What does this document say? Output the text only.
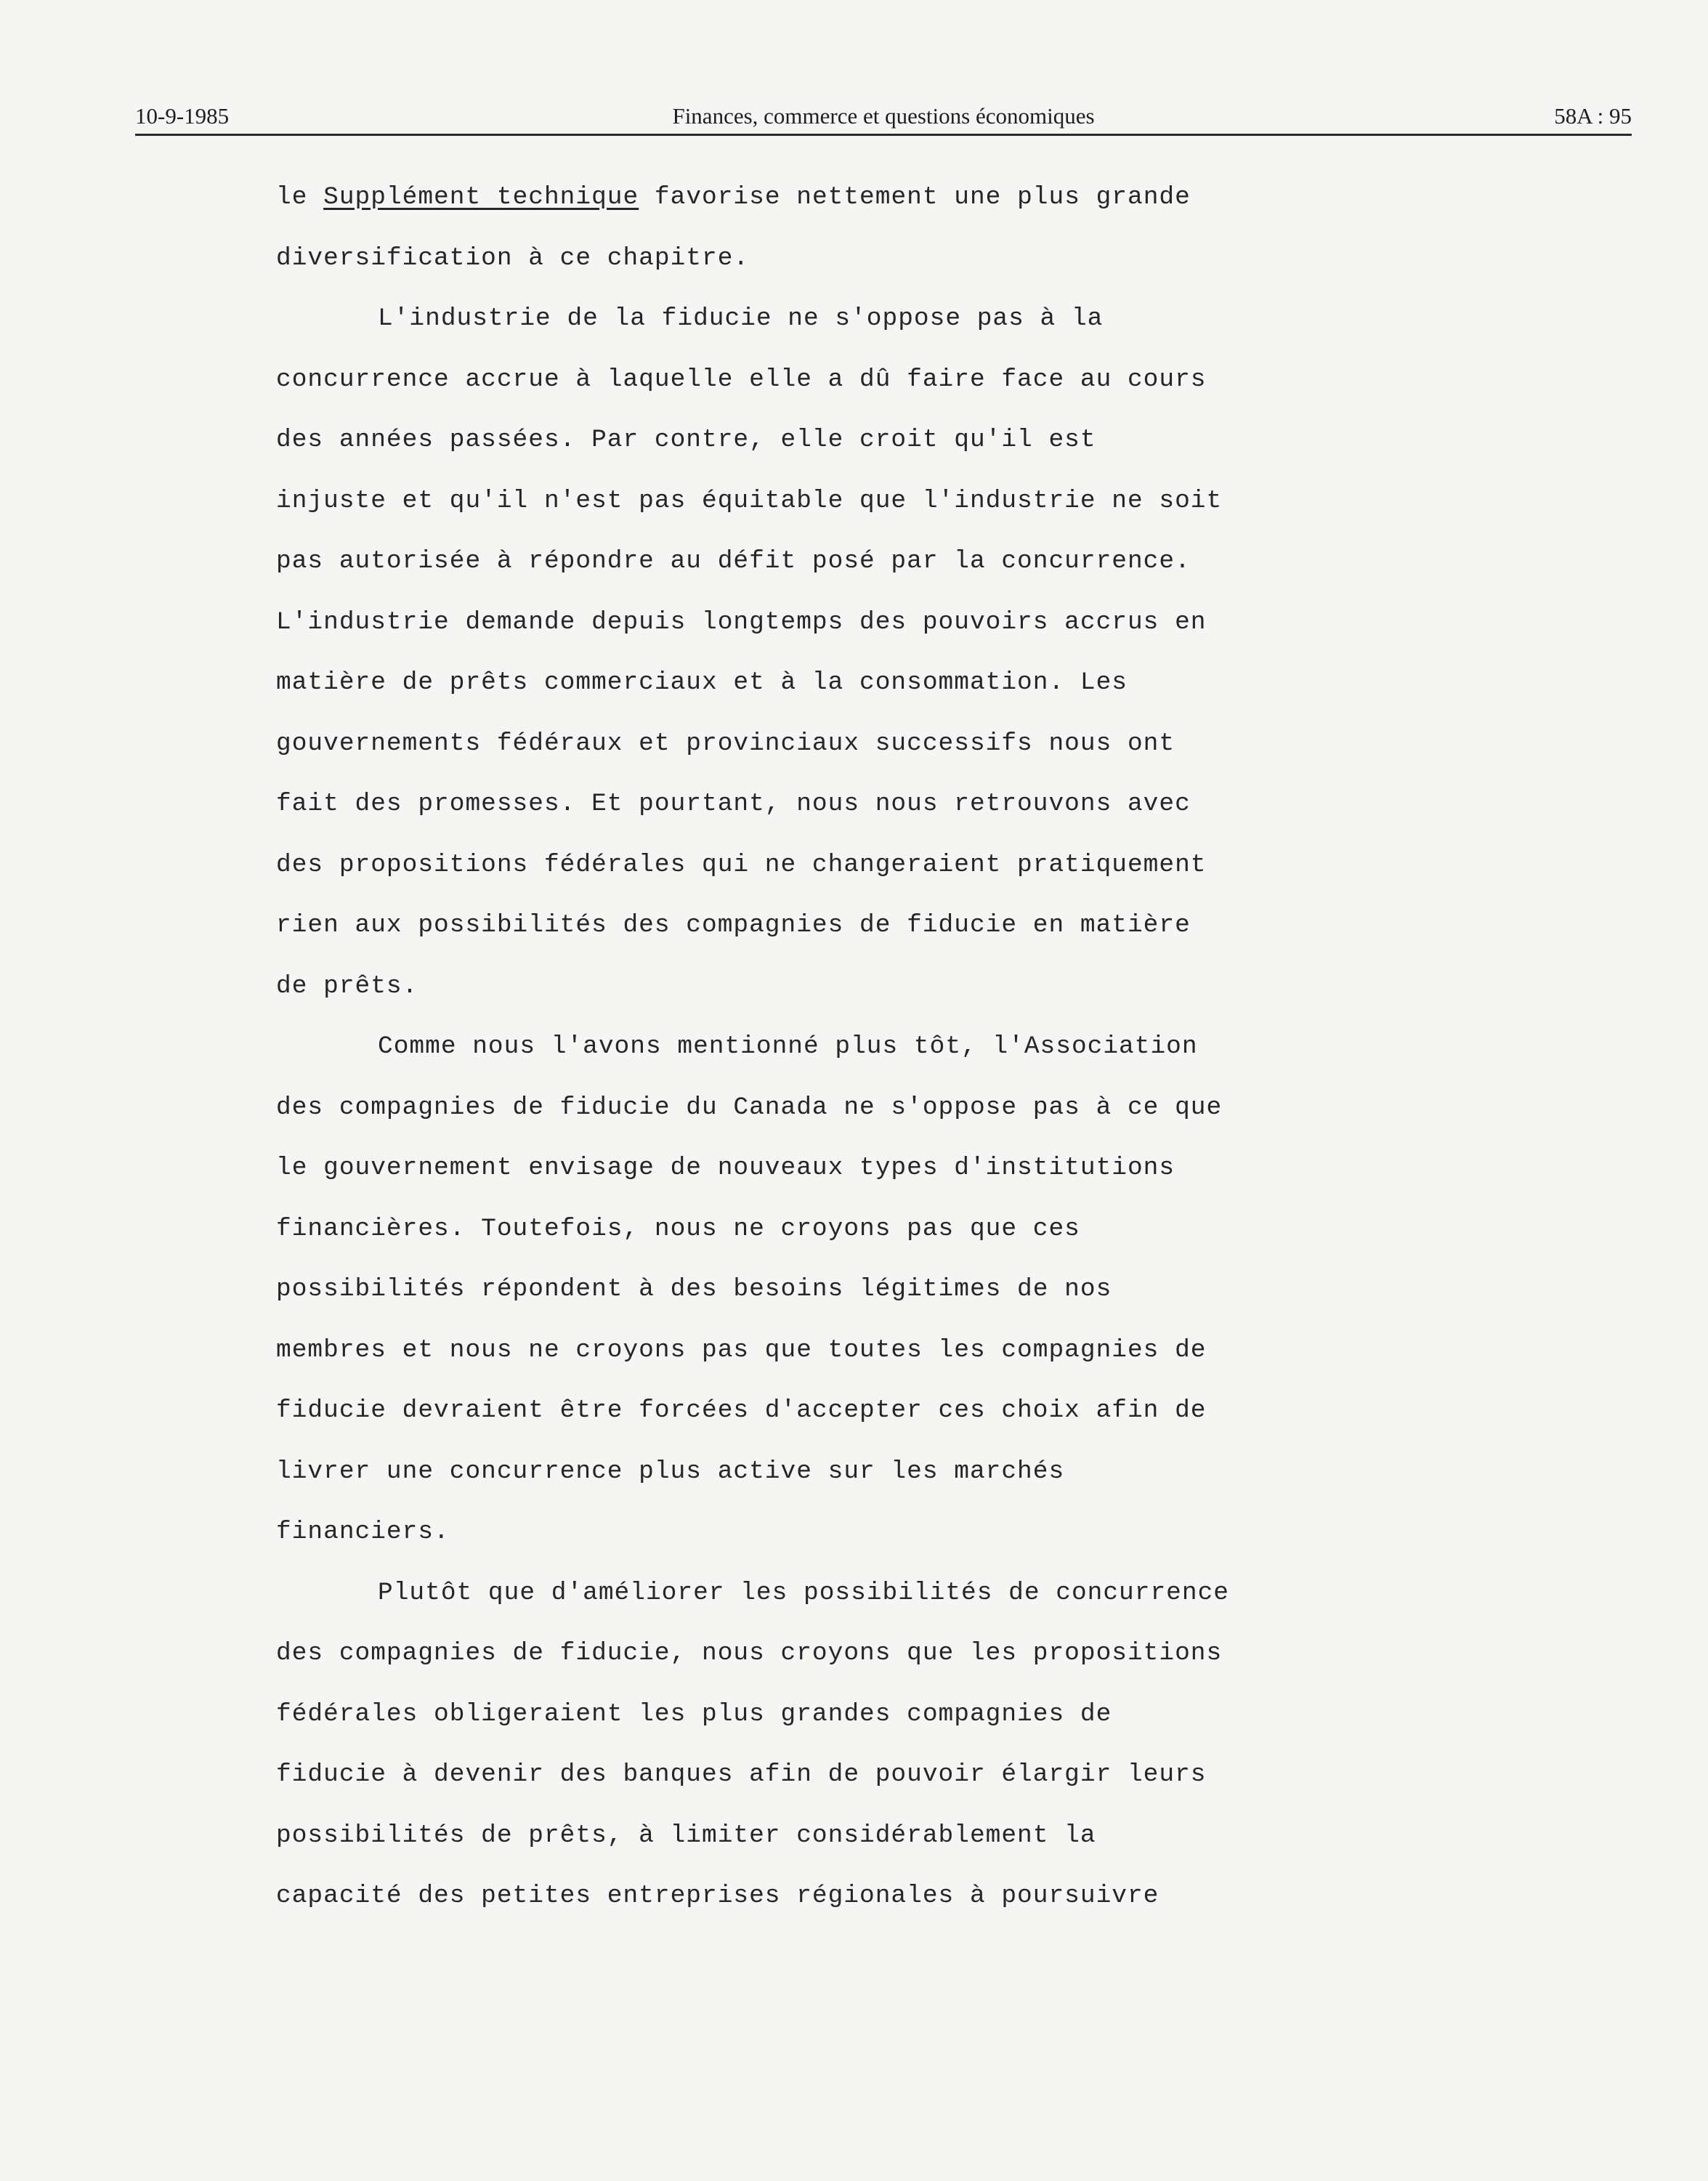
10-9-1985	Finances, commerce et questions économiques	58A : 95
le Supplément technique favorise nettement une plus grande
diversification à ce chapitre.
L'industrie de la fiducie ne s'oppose pas à la
concurrence accrue à laquelle elle a dû faire face au cours
des années passées. Par contre, elle croit qu'il est
injuste et qu'il n'est pas équitable que l'industrie ne soit
pas autorisée à répondre au défit posé par la concurrence.
L'industrie demande depuis longtemps des pouvoirs accrus en
matière de prêts commerciaux et à la consommation. Les
gouvernements fédéraux et provinciaux successifs nous ont
fait des promesses. Et pourtant, nous nous retrouvons avec
des propositions fédérales qui ne changeraient pratiquement
rien aux possibilités des compagnies de fiducie en matière
de prêts.
Comme nous l'avons mentionné plus tôt, l'Association
des compagnies de fiducie du Canada ne s'oppose pas à ce que
le gouvernement envisage de nouveaux types d'institutions
financières. Toutefois, nous ne croyons pas que ces
possibilités répondent à des besoins légitimes de nos
membres et nous ne croyons pas que toutes les compagnies de
fiducie devraient être forcées d'accepter ces choix afin de
livrer une concurrence plus active sur les marchés
financiers.
Plutôt que d'améliorer les possibilités de concurrence
des compagnies de fiducie, nous croyons que les propositions
fédérales obligeraient les plus grandes compagnies de
fiducie à devenir des banques afin de pouvoir élargir leurs
possibilités de prêts, à limiter considérablement la
capacité des petites entreprises régionales à poursuivre
